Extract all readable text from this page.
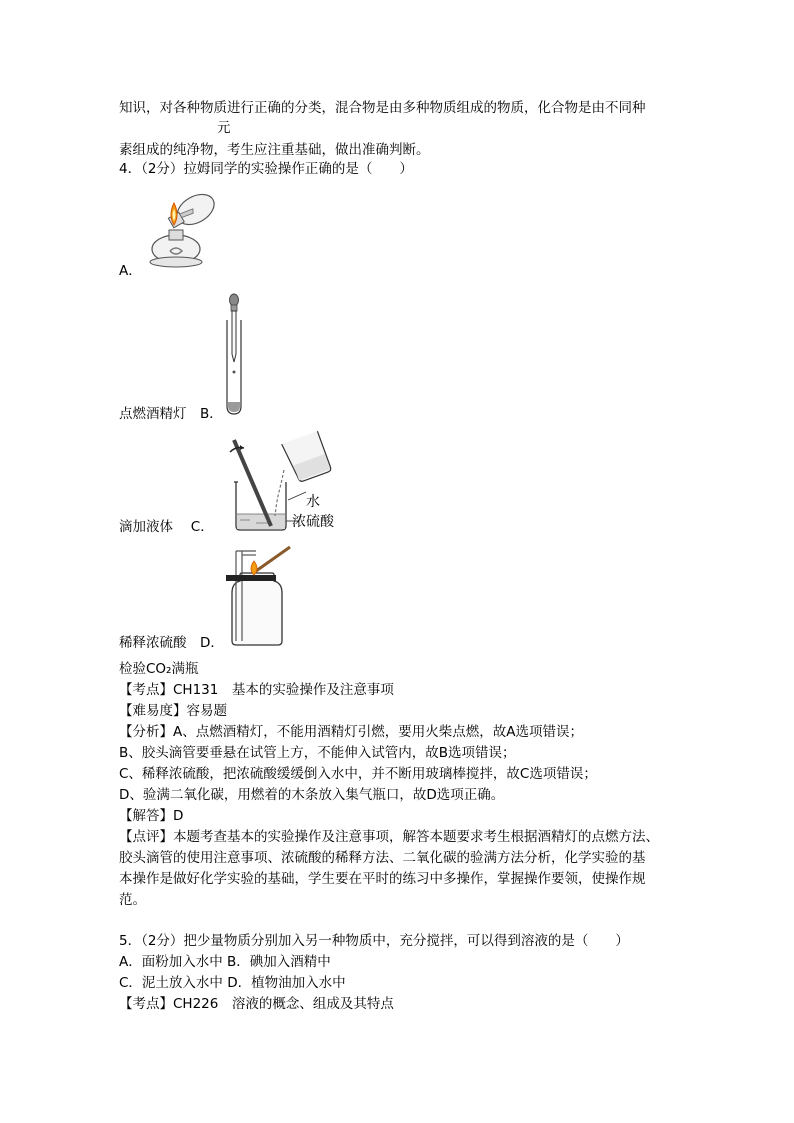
知识，对各种物质进行正确的分类，混合物是由多种物质组成的物质，化合物是由不同种
元
素组成的纯净物，考生应注重基础，做出准确判断。
4．（2分）拉姆同学的实验操作正确的是（　　）
A．
点燃酒精灯　B．
水
浓硫酸
滴加液体　 C．
稀释浓硫酸　D．
检验CO₂满瓶
【考点】CH131　基本的实验操作及注意事项
【难易度】容易题
【分析】A、点燃酒精灯，不能用酒精灯引燃，要用火柴点燃，故A选项错误；
B、胶头滴管要垂悬在试管上方，不能伸入试管内，故B选项错误；
C、稀释浓硫酸，把浓硫酸缓缓倒入水中，并不断用玻璃棒搅拌，故C选项错误；
D、验满二氧化碳，用燃着的木条放入集气瓶口，故D选项正确。
【解答】D
【点评】本题考查基本的实验操作及注意事项，解答本题要求考生根据酒精灯的点燃方法、
胶头滴管的使用注意事项、浓硫酸的稀释方法、二氧化碳的验满方法分析，化学实验的基
本操作是做好化学实验的基础，学生要在平时的练习中多操作，掌握操作要领，使操作规
范。
5．（2分）把少量物质分别加入另一种物质中，充分搅拌，可以得到溶液的是（　　）
A．面粉加入水中 B．碘加入酒精中
C．泥土放入水中 D．植物油加入水中
【考点】CH226　溶液的概念、组成及其特点
